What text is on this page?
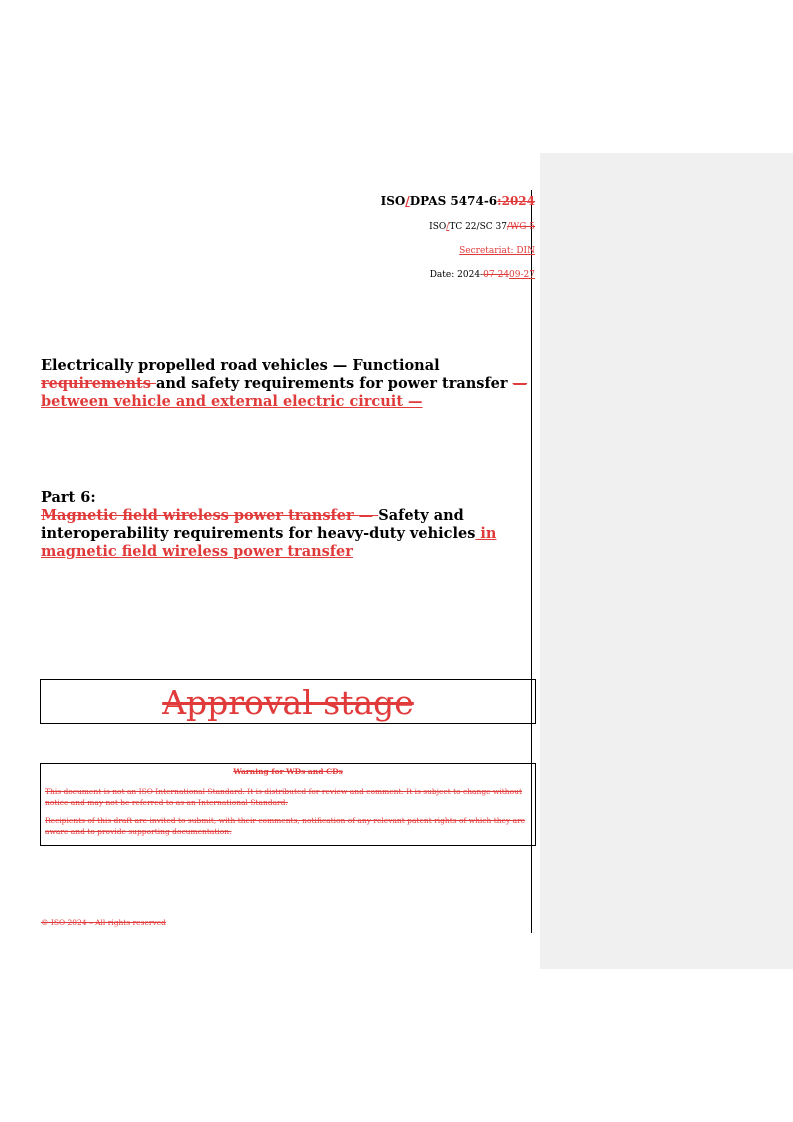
ISO/DPAS 5474-6:2024
ISO/TC 22/SC 37/WG 5
Secretariat: DIN
Date: 2024-07-2409-27
Electrically propelled road vehicles — Functional requirements and safety requirements for power transfer — between vehicle and external electric circuit —
Part 6:
Magnetic field wireless power transfer — Safety and interoperability requirements for heavy-duty vehicles in magnetic field wireless power transfer
Approval stage
Warning for WDs and CDs

This document is not an ISO International Standard. It is distributed for review and comment. It is subject to change without notice and may not be referred to as an International Standard.

Recipients of this draft are invited to submit, with their comments, notification of any relevant patent rights of which they are aware and to provide supporting documentation.

© ISO 2024 – All rights reserved
